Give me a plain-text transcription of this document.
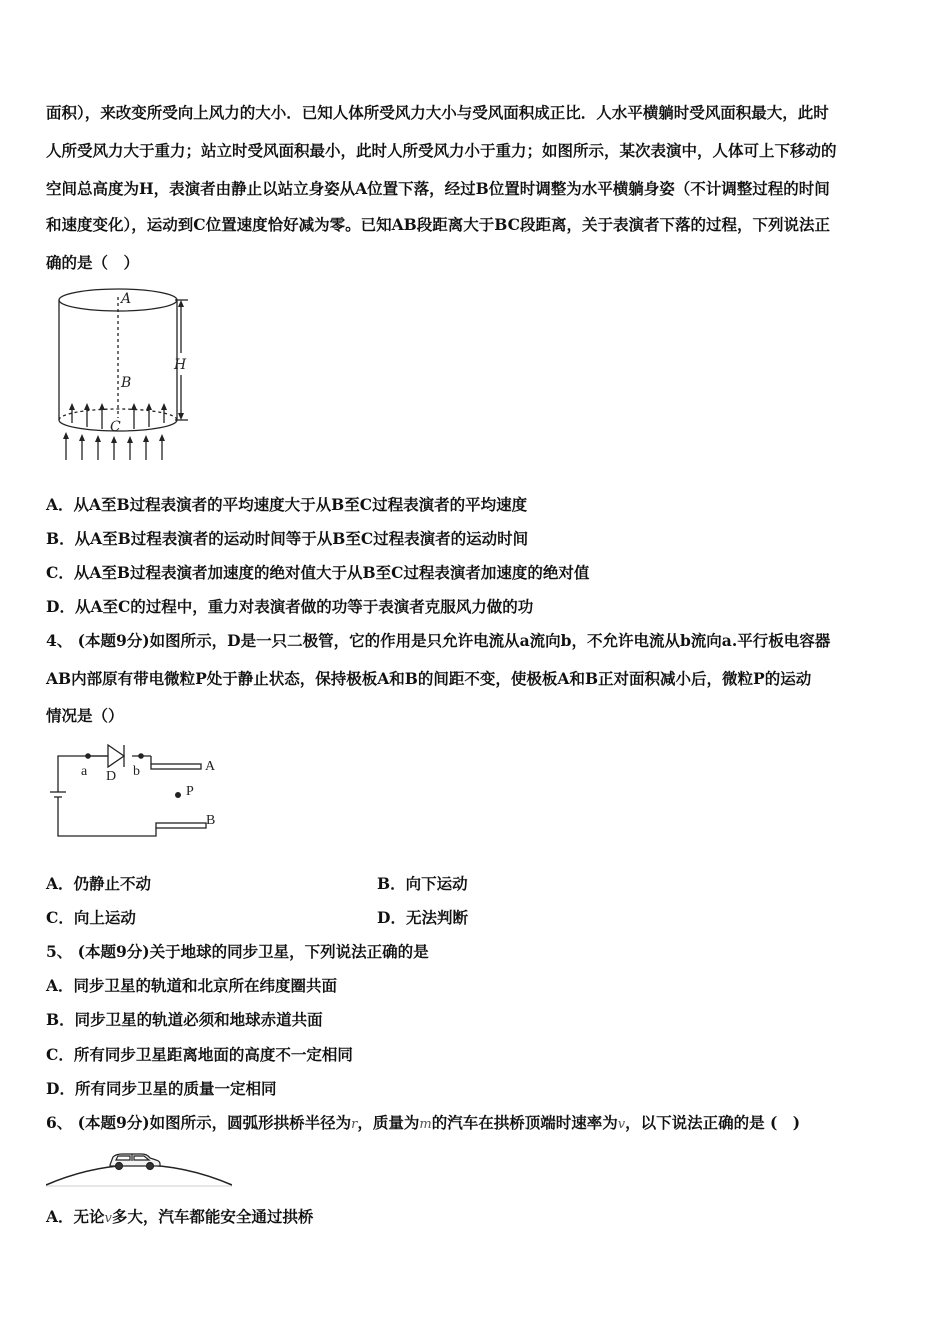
面积），来改变所受向上风力的大小．已知人体所受风力大小与受风面积成正比．人水平横躺时受风面积最大，此时
人所受风力大于重力；站立时受风面积最小，此时人所受风力小于重力；如图所示，某次表演中，人体可上下移动的
空间总高度为H，表演者由静止以站立身姿从A位置下落，经过B位置时调整为水平横躺身姿（不计调整过程的时间
和速度变化），运动到C位置速度恰好减为零。已知AB段距离大于BC段距离，关于表演者下落的过程，下列说法正
确的是（　）
A
B
C
H
A．从A至B过程表演者的平均速度大于从B至C过程表演者的平均速度
B．从A至B过程表演者的运动时间等于从B至C过程表演者的运动时间
C．从A至B过程表演者加速度的绝对值大于从B至C过程表演者加速度的绝对值
D．从A至C的过程中，重力对表演者做的功等于表演者克服风力做的功
4、 (本题9分)如图所示，D是一只二极管，它的作用是只允许电流从a流向b，不允许电流从b流向a.平行板电容器
AB内部原有带电微粒P处于静止状态，保持极板A和B的间距不变，使极板A和B正对面积减小后，微粒P的运动
情况是（）
a D b	A
P
B
A．仍静止不动	B．向下运动
C．向上运动	D．无法判断
5、 (本题9分)关于地球的同步卫星，下列说法正确的是
A．同步卫星的轨道和北京所在纬度圈共面
B．同步卫星的轨道必须和地球赤道共面
C．所有同步卫星距离地面的高度不一定相同
D．所有同步卫星的质量一定相同
6、 (本题9分)如图所示，圆弧形拱桥半径为r，质量为m的汽车在拱桥顶端时速率为v，以下说法正确的是 (　)
A．无论v多大，汽车都能安全通过拱桥
